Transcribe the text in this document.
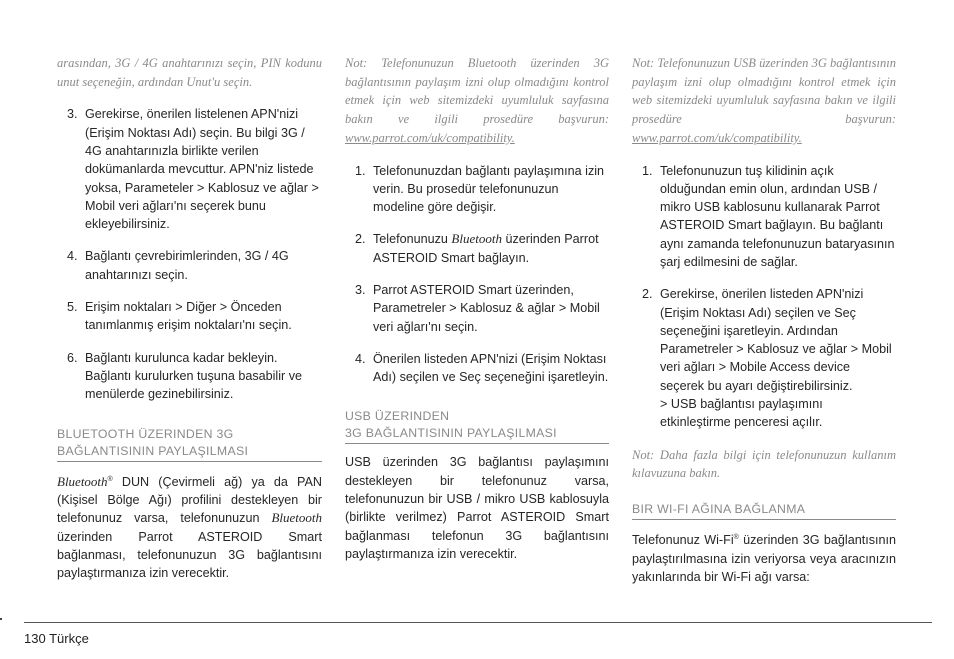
arasından, 3G / 4G anahtarınızı seçin, PIN kodunu unut seçeneğin, ardından Unut'u seçin.

3. Gerekirse, önerilen listelenen APN'nizi (Erişim Noktası Adı) seçin. Bu bilgi 3G / 4G anahtarınızla birlikte verilen dokümanlarda mevcuttur. APN'niz listede yoksa, Parameteler > Kablosuz ve ağlar > Mobil veri ağları'nı seçerek bunu ekleyebilirsiniz.
4. Bağlantı çevrebirimlerinden, 3G / 4G anahtarınızı seçin.
5. Erişim noktaları > Diğer > Önceden tanımlanmış erişim noktaları'nı seçin.
6. Bağlantı kurulunca kadar bekleyin. Bağlantı kurulurken tuşuna basabilir ve menülerde gezinebilirsiniz.
BLUETOOTH ÜZERINDEN 3G
BAĞLANTISININ PAYLAŞILMASI

Bluetooth® DUN (Çevirmeli ağ) ya da PAN (Kişisel Bölge Ağı) profilini destekleyen bir telefonunuz varsa, telefonunuzun Bluetooth üzerinden Parrot ASTEROID Smart bağlanması, telefonunuzun 3G bağlantısını paylaştırmanıza izin verecektir.

Not: Telefonunuzun Bluetooth üzerinden 3G bağlantısının paylaşım izni olup olmadığını kontrol etmek için web sitemizdeki uyumluluk sayfasına bakın ve ilgili prosedüre başvurun: www.parrot.com/uk/compatibility.

1. Telefonunuzdan bağlantı paylaşımına izin verin. Bu prosedür telefonunuzun modeline göre değişir.
2. Telefonunuzu Bluetooth üzerinden Parrot ASTEROID Smart bağlayın.
3. Parrot ASTEROID Smart üzerinden, Parametreler > Kablosuz & ağlar > Mobil veri ağları'nı seçin.
4. Önerilen listeden APN'nizi (Erişim Noktası Adı) seçilen ve Seç seçeneğini işaretleyin.
USB ÜZERINDEN
3G BAĞLANTISININ PAYLAŞILMASI

USB üzerinden 3G bağlantısı paylaşımını destekleyen bir telefonunuz varsa, telefonunuzun bir USB / mikro USB kablosuyla (birlikte verilmez) Parrot ASTEROID Smart bağlanması telefonun 3G bağlantısını paylaştırmanıza izin verecektir.

Not: Telefonunuzun USB üzerinden 3G bağlantısının paylaşım izni olup olmadığını kontrol etmek için web sitemizdeki uyumluluk sayfasına bakın ve ilgili prosedüre başvurun: www.parrot.com/uk/compatibility.

1. Telefonunuzun tuş kilidinin açık olduğundan emin olun, ardından USB / mikro USB kablosunu kullanarak Parrot ASTEROID Smart bağlayın. Bu bağlantı aynı zamanda telefonunuzun bataryasının şarj edilmesini de sağlar.
2. Gerekirse, önerilen listeden APN'nizi (Erişim Noktası Adı) seçilen ve Seç seçeneğini işaretleyin. Ardından Parametreler > Kablosuz ve ağlar > Mobil veri ağları > Mobile Access device seçerek bu ayarı değiştirebilirsiniz.
> USB bağlantısı paylaşımını etkinleştirme penceresi açılır.

Not: Daha fazla bilgi için telefonunuzun kullanım kılavuzuna bakın.

BIR WI-FI AĞINA BAĞLANMA

Telefonunuz Wi-Fi® üzerinden 3G bağlantısının paylaştırılmasına izin veriyorsa veya aracınızın yakınlarında bir Wi-Fi ağı varsa:

130 Türkçe
